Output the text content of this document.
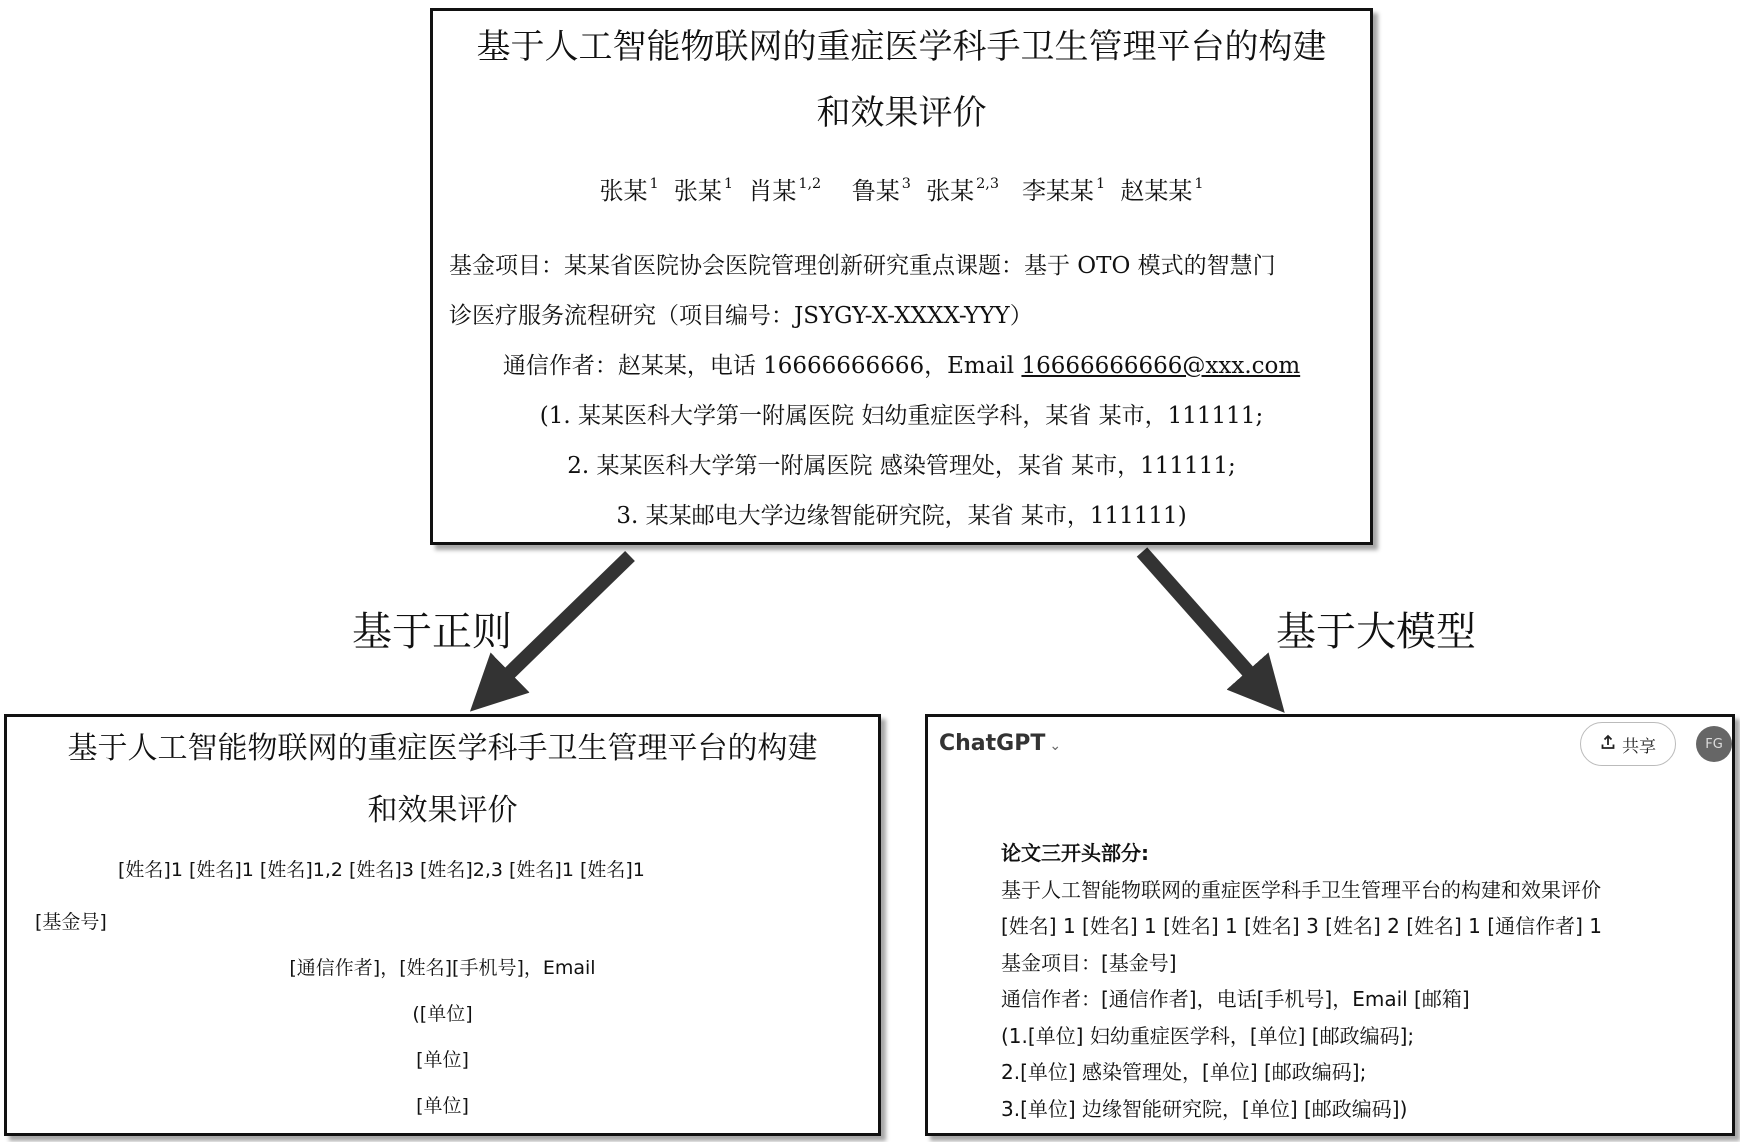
基于正则	基于大模型
基于人工智能物联网的重症医学科手卫生管理平台的构建
和效果评价
张某 $^1$ 张某 $^1$ 肖某 $^{1,2}$ 鲁某 $^3$ 张某 $^{2,3}$ 李某某 $^1$ 赵某某 $^1$
基金项目：某某省医院协会医院管理创新研究重点课题：基于 OTO 模式的智慧门
诊医疗服务流程研究（项目编号：JSYGY-X-XXXX-YYY）
通信作者：赵某某，电话 16666666666，Email 16666666666@xxx.com
(1. 某某医科大学第一附属医院 妇幼重症医学科，某省 某市，111111;
2. 某某医科大学第一附属医院 感染管理处，某省 某市，111111;
3. 某某邮电大学边缘智能研究院，某省 某市，111111)
基于人工智能物联网的重症医学科手卫生管理平台的构建
和效果评价
[姓名]1 [姓名]1 [姓名]1,2 [姓名]3 [姓名]2,3 [姓名]1 [姓名]1
[基金号]
[通信作者]，[姓名][手机号]，Email
([单位]
[单位]
[单位]
ChatGPT ⌄	共享	FG
论文三开头部分:
基于人工智能物联网的重症医学科手卫生管理平台的构建和效果评价
[姓名] 1 [姓名] 1 [姓名] 1 [姓名] 3 [姓名] 2 [姓名] 1 [通信作者] 1
基金项目：[基金号]
通信作者：[通信作者]，电话[手机号]，Email [邮箱]
(1.[单位] 妇幼重症医学科，[单位] [邮政编码];
2.[单位] 感染管理处，[单位] [邮政编码];
3.[单位] 边缘智能研究院，[单位] [邮政编码])
